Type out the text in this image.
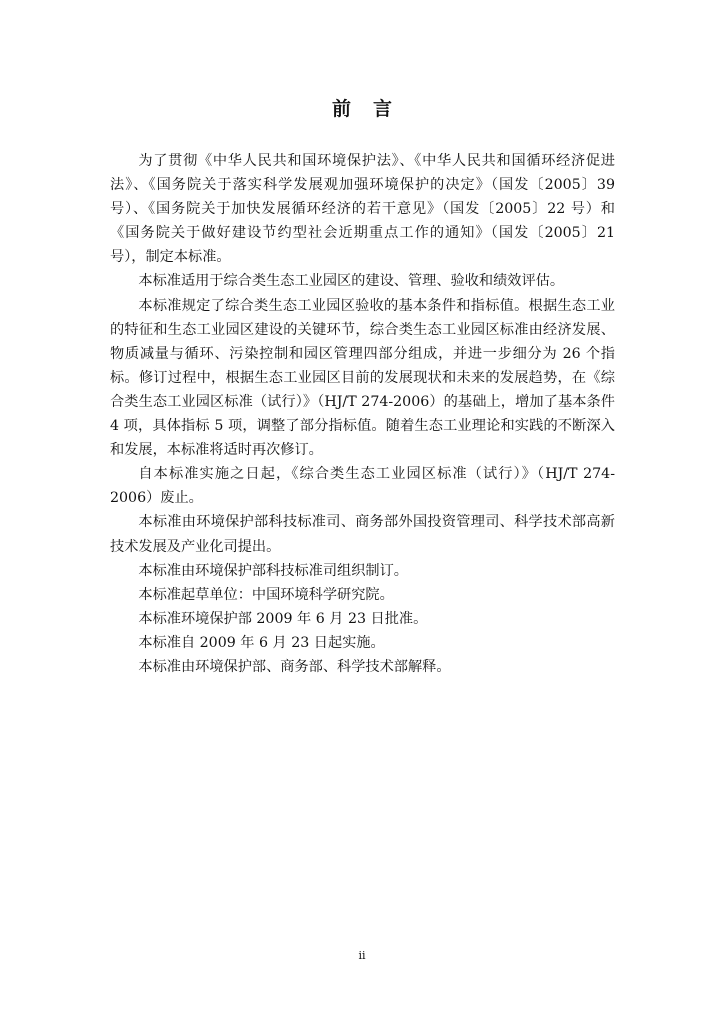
前 言

为了贯彻《中华人民共和国环境保护法》、《中华人民共和国循环经济促进法》、《国务院关于落实科学发展观加强环境保护的决定》（国发〔2005〕39 号）、《国务院关于加快发展循环经济的若干意见》（国发〔2005〕22 号）和《国务院关于做好建设节约型社会近期重点工作的通知》（国发〔2005〕21 号），制定本标准。

本标准适用于综合类生态工业园区的建设、管理、验收和绩效评估。

本标准规定了综合类生态工业园区验收的基本条件和指标值。根据生态工业的特征和生态工业园区建设的关键环节，综合类生态工业园区标准由经济发展、物质减量与循环、污染控制和园区管理四部分组成，并进一步细分为 26 个指标。修订过程中，根据生态工业园区目前的发展现状和未来的发展趋势，在《综合类生态工业园区标准（试行）》（HJ/T 274-2006）的基础上，增加了基本条件 4 项，具体指标 5 项，调整了部分指标值。随着生态工业理论和实践的不断深入和发展，本标准将适时再次修订。

自本标准实施之日起，《综合类生态工业园区标准（试行）》（HJ/T 274-2006）废止。

本标准由环境保护部科技标准司、商务部外国投资管理司、科学技术部高新技术发展及产业化司提出。

本标准由环境保护部科技标准司组织制订。

本标准起草单位：中国环境科学研究院。

本标准环境保护部 2009 年 6 月 23 日批准。

本标准自 2009 年 6 月 23 日起实施。

本标准由环境保护部、商务部、科学技术部解释。

ii
